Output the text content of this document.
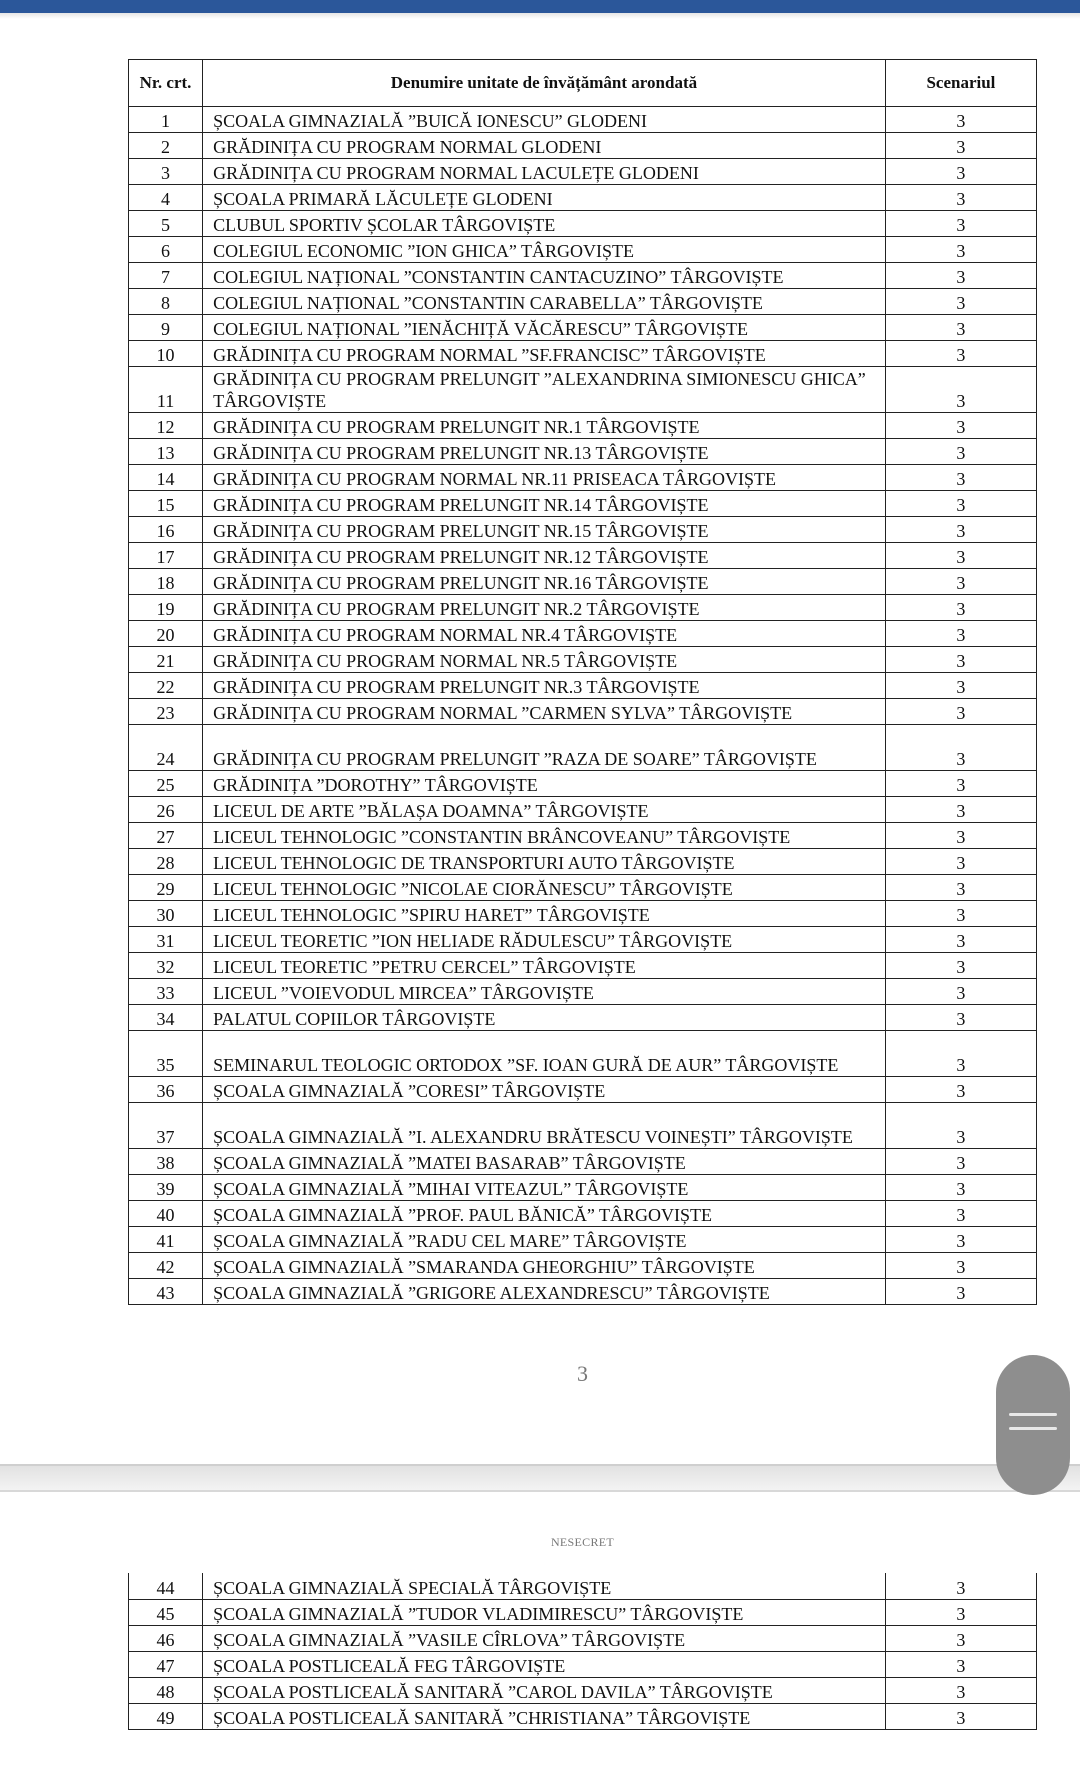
Nr. crt.	Denumire unitate de învățământ arondată	Scenariul
1	ȘCOALA GIMNAZIALĂ ”BUICĂ IONESCU” GLODENI	3
2	GRĂDINIȚA CU PROGRAM NORMAL GLODENI	3
3	GRĂDINIȚA CU PROGRAM NORMAL LACULEȚE GLODENI	3
4	ȘCOALA PRIMARĂ LĂCULEȚE GLODENI	3
5	CLUBUL SPORTIV ȘCOLAR TÂRGOVIȘTE	3
6	COLEGIUL ECONOMIC ”ION GHICA” TÂRGOVIȘTE	3
7	COLEGIUL NAȚIONAL ”CONSTANTIN CANTACUZINO” TÂRGOVIȘTE	3
8	COLEGIUL NAȚIONAL ”CONSTANTIN CARABELLA” TÂRGOVIȘTE	3
9	COLEGIUL NAȚIONAL ”IENĂCHIȚĂ VĂCĂRESCU” TÂRGOVIȘTE	3
10	GRĂDINIȚA CU PROGRAM NORMAL ”SF.FRANCISC” TÂRGOVIȘTE	3
11	GRĂDINIȚA CU PROGRAM PRELUNGIT ”ALEXANDRINA SIMIONESCU GHICA” TÂRGOVIȘTE	3
12	GRĂDINIȚA CU PROGRAM PRELUNGIT NR.1 TÂRGOVIȘTE	3
13	GRĂDINIȚA CU PROGRAM PRELUNGIT NR.13 TÂRGOVIȘTE	3
14	GRĂDINIȚA CU PROGRAM NORMAL NR.11 PRISEACA TÂRGOVIȘTE	3
15	GRĂDINIȚA CU PROGRAM PRELUNGIT NR.14 TÂRGOVIȘTE	3
16	GRĂDINIȚA CU PROGRAM PRELUNGIT NR.15 TÂRGOVIȘTE	3
17	GRĂDINIȚA CU PROGRAM PRELUNGIT NR.12 TÂRGOVIȘTE	3
18	GRĂDINIȚA CU PROGRAM PRELUNGIT NR.16 TÂRGOVIȘTE	3
19	GRĂDINIȚA CU PROGRAM PRELUNGIT NR.2 TÂRGOVIȘTE	3
20	GRĂDINIȚA CU PROGRAM NORMAL NR.4 TÂRGOVIȘTE	3
21	GRĂDINIȚA CU PROGRAM NORMAL NR.5 TÂRGOVIȘTE	3
22	GRĂDINIȚA CU PROGRAM PRELUNGIT NR.3 TÂRGOVIȘTE	3
23	GRĂDINIȚA CU PROGRAM NORMAL ”CARMEN SYLVA” TÂRGOVIȘTE	3
24	GRĂDINIȚA CU PROGRAM PRELUNGIT ”RAZA DE SOARE” TÂRGOVIȘTE	3
25	GRĂDINIȚA ”DOROTHY” TÂRGOVIȘTE	3
26	LICEUL DE ARTE ”BĂLAȘA DOAMNA” TÂRGOVIȘTE	3
27	LICEUL TEHNOLOGIC ”CONSTANTIN BRÂNCOVEANU” TÂRGOVIȘTE	3
28	LICEUL TEHNOLOGIC DE TRANSPORTURI AUTO TÂRGOVIȘTE	3
29	LICEUL TEHNOLOGIC ”NICOLAE CIORĂNESCU” TÂRGOVIȘTE	3
30	LICEUL TEHNOLOGIC ”SPIRU HARET” TÂRGOVIȘTE	3
31	LICEUL TEORETIC ”ION HELIADE RĂDULESCU” TÂRGOVIȘTE	3
32	LICEUL TEORETIC ”PETRU CERCEL” TÂRGOVIȘTE	3
33	LICEUL ”VOIEVODUL MIRCEA” TÂRGOVIȘTE	3
34	PALATUL COPIILOR TÂRGOVIȘTE	3
35	SEMINARUL TEOLOGIC ORTODOX ”SF. IOAN GURĂ DE AUR” TÂRGOVIȘTE	3
36	ȘCOALA GIMNAZIALĂ ”CORESI” TÂRGOVIȘTE	3
37	ȘCOALA GIMNAZIALĂ ”I. ALEXANDRU BRĂTESCU VOINEȘTI” TÂRGOVIȘTE	3
38	ȘCOALA GIMNAZIALĂ ”MATEI BASARAB” TÂRGOVIȘTE	3
39	ȘCOALA GIMNAZIALĂ ”MIHAI VITEAZUL” TÂRGOVIȘTE	3
40	ȘCOALA GIMNAZIALĂ ”PROF. PAUL BĂNICĂ” TÂRGOVIȘTE	3
41	ȘCOALA GIMNAZIALĂ ”RADU CEL MARE” TÂRGOVIȘTE	3
42	ȘCOALA GIMNAZIALĂ ”SMARANDA GHEORGHIU” TÂRGOVIȘTE	3
43	ȘCOALA GIMNAZIALĂ ”GRIGORE ALEXANDRESCU” TÂRGOVIȘTE	3
3
NESECRET
44	ȘCOALA GIMNAZIALĂ SPECIALĂ TÂRGOVIȘTE	3
45	ȘCOALA GIMNAZIALĂ ”TUDOR VLADIMIRESCU” TÂRGOVIȘTE	3
46	ȘCOALA GIMNAZIALĂ ”VASILE CÎRLOVA” TÂRGOVIȘTE	3
47	ȘCOALA POSTLICEALĂ FEG TÂRGOVIȘTE	3
48	ȘCOALA POSTLICEALĂ SANITARĂ ”CAROL DAVILA” TÂRGOVIȘTE	3
49	ȘCOALA POSTLICEALĂ SANITARĂ ”CHRISTIANA” TÂRGOVIȘTE	3
